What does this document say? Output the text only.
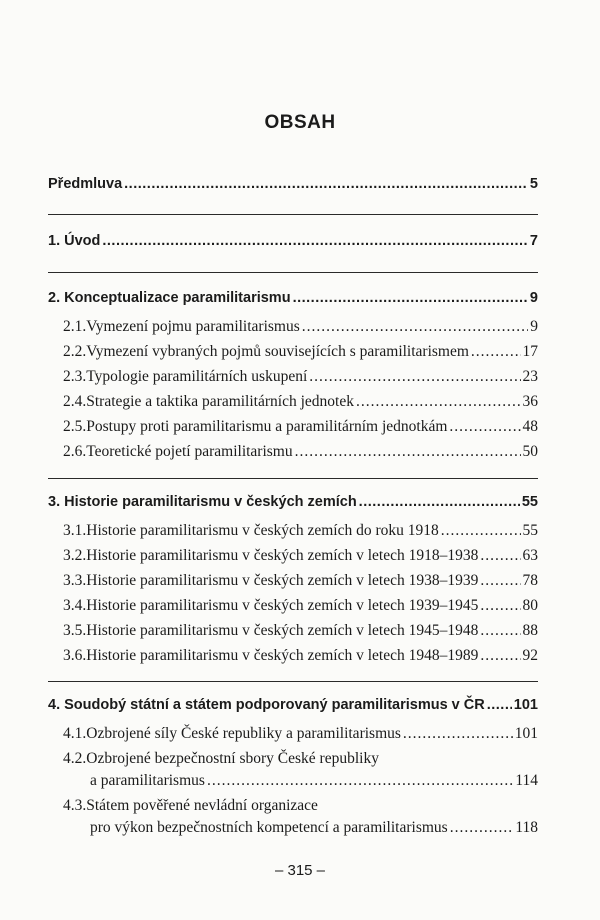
OBSAH
Předmluva .....	5
1. Úvod .....	7
2. Konceptualizace paramilitarismu .....	9
2.1. Vymezení pojmu paramilitarismus .....	9
2.2. Vymezení vybraných pojmů souvisejících s paramilitarismem .....	17
2.3. Typologie paramilitárních uskupení .....	23
2.4. Strategie a taktika paramilitárních jednotek .....	36
2.5. Postupy proti paramilitarismu a paramilitárním jednotkám .....	48
2.6. Teoretické pojetí paramilitarismu .....	50
3. Historie paramilitarismu v českých zemích .....	55
3.1. Historie paramilitarismu v českých zemích do roku 1918 .....	55
3.2. Historie paramilitarismu v českých zemích v letech 1918–1938 .....	63
3.3. Historie paramilitarismu v českých zemích v letech 1938–1939 .....	78
3.4. Historie paramilitarismu v českých zemích v letech 1939–1945 .....	80
3.5. Historie paramilitarismu v českých zemích v letech 1945–1948 .....	88
3.6. Historie paramilitarismu v českých zemích v letech 1948–1989 .....	92
4. Soudobý státní a státem podporovaný paramilitarismus v ČR ..... 101
4.1. Ozbrojené síly České republiky a paramilitarismus .....	101
4.2. Ozbrojené bezpečnostní sbory České republiky
a paramilitarismus .....	114
4.3. Státem pověřené nevládní organizace
pro výkon bezpečnostních kompetencí a paramilitarismus .....	118
– 315 –
